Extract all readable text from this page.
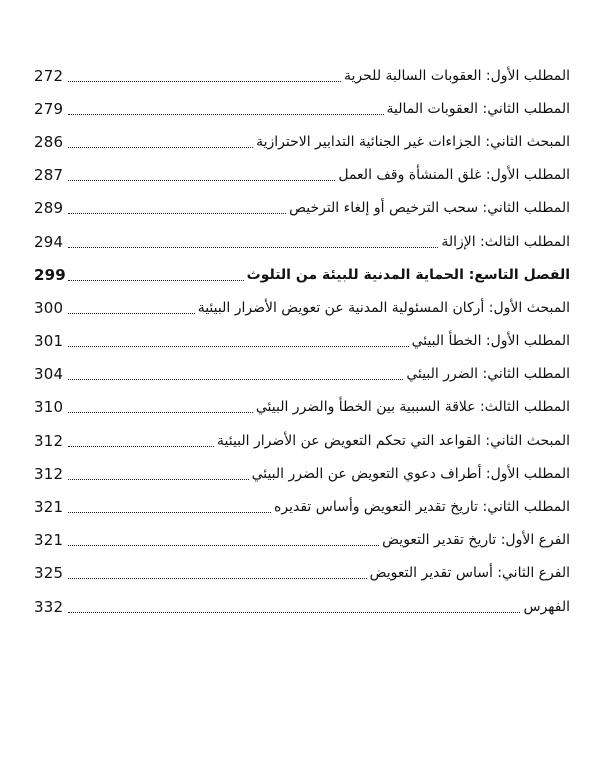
272	المطلب الأول: العقوبات السالبة للحرية
279	المطلب الثاني: العقوبات المالية
286	المبحث الثاني: الجزاءات غير الجنائية التدابير الاحترازية
287	المطلب الأول: غلق المنشأة وقف العمل
289	المطلب الثاني: سحب الترخيص أو إلغاء الترخيص
294	المطلب الثالث: الإزالة
299	الفصل التاسع: الحماية المدنية للبيئة من التلوث
300	المبحث الأول: أركان المسئولية المدنية عن تعويض الأضرار البيئية
301	المطلب الأول: الخطأ البيئي
304	المطلب الثاني: الضرر البيئي
310	المطلب الثالث: علاقة السببية بين الخطأ والضرر البيئي
312	المبحث الثاني: القواعد التي تحكم التعويض عن الأضرار البيئية
312	المطلب الأول: أطراف دعوي التعويض عن الضرر البيئي
321	المطلب الثاني: تاريخ تقدير التعويض وأساس تقديره
321	الفرع الأول: تاريخ تقدير التعويض
325	الفرع الثاني: أساس تقدير التعويض
332	الفهرس
